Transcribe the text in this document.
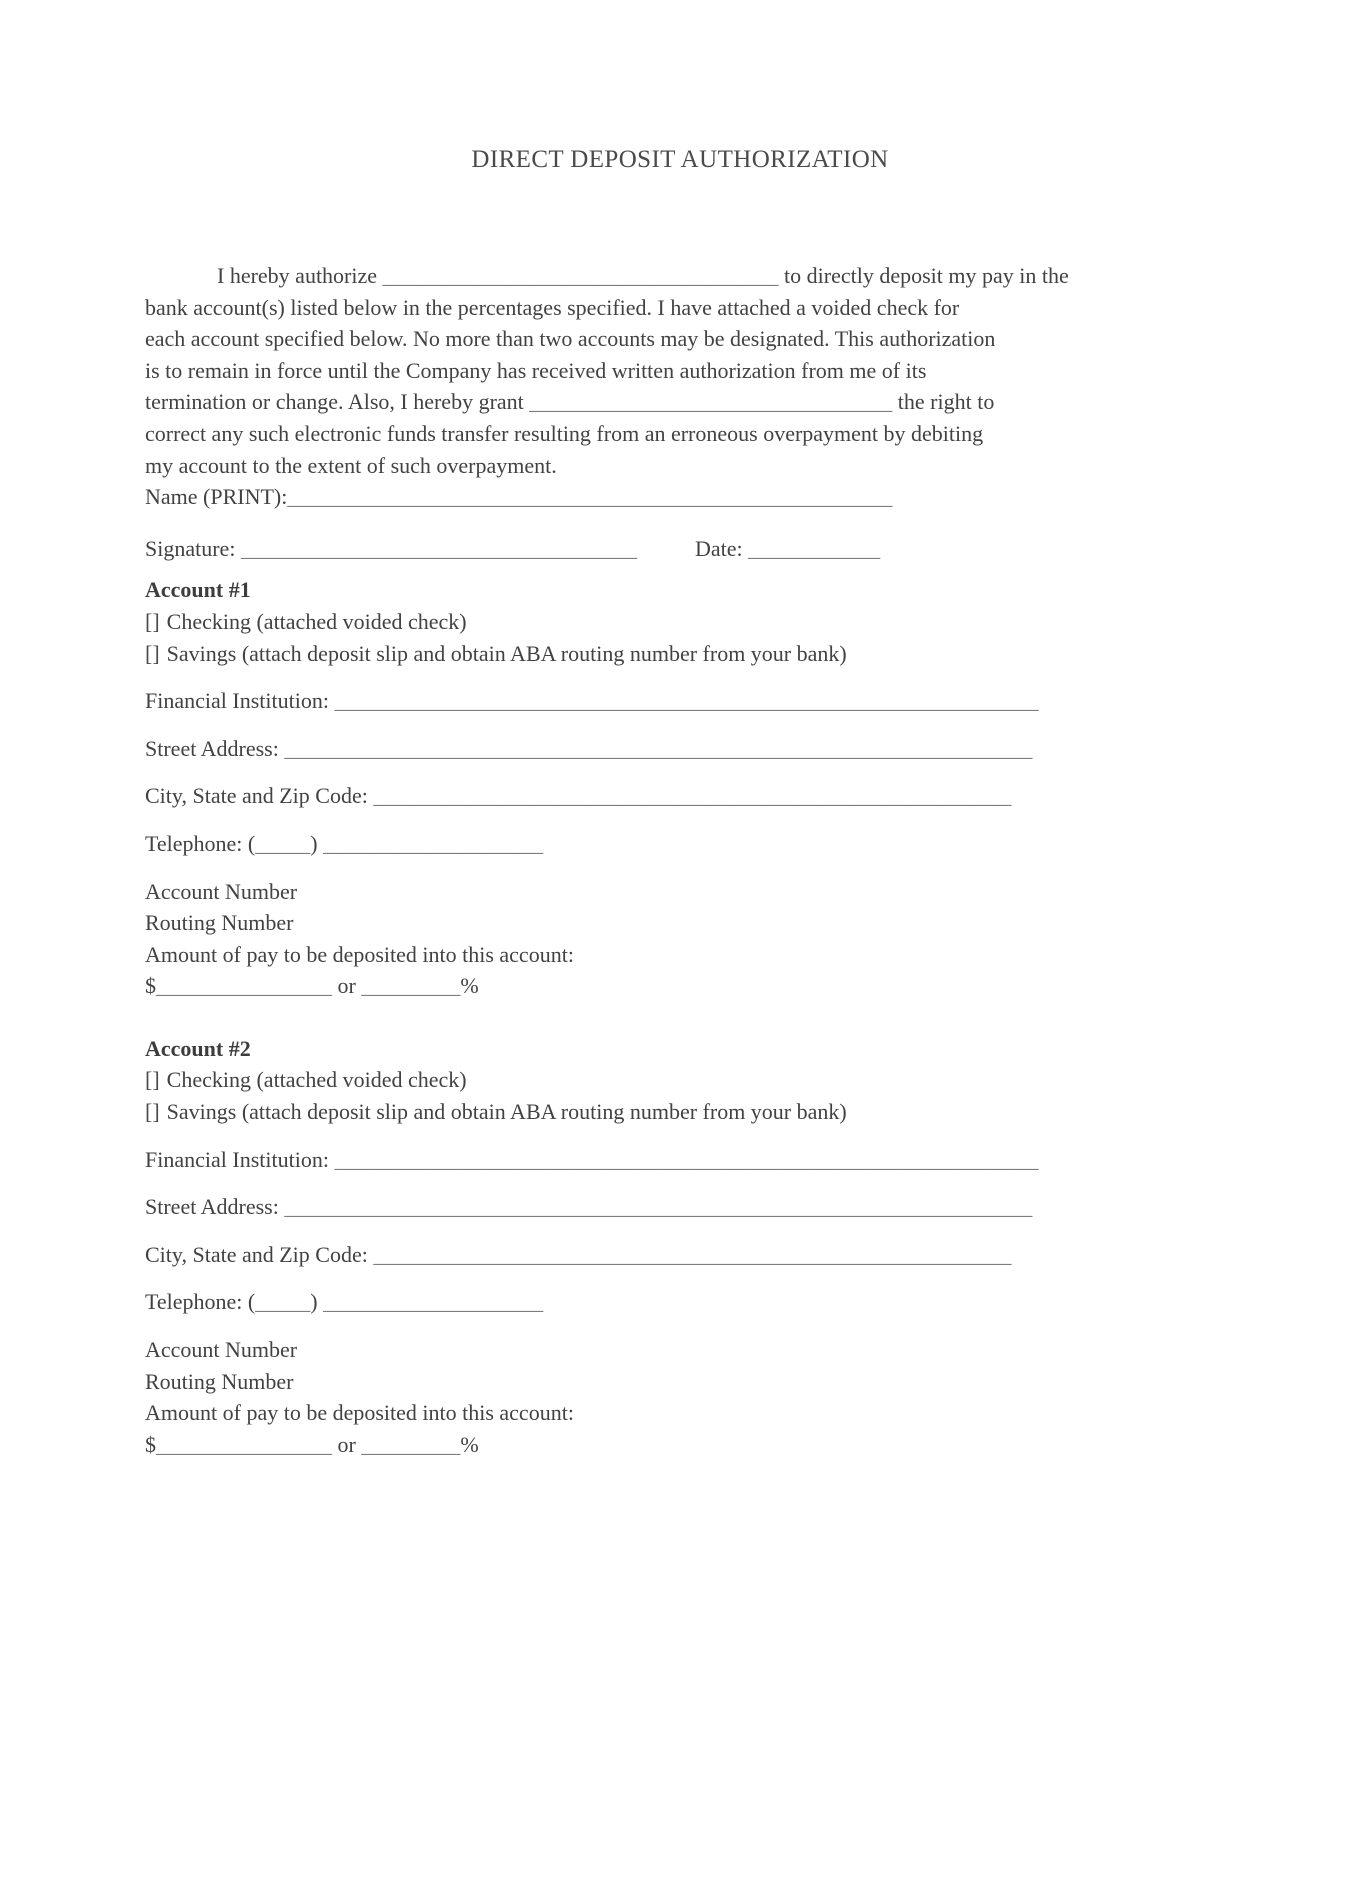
DIRECT DEPOSIT AUTHORIZATION
I hereby authorize ____________________________________ to directly deposit my pay in the
bank account(s) listed below in the percentages specified. I have attached a voided check for
each account specified below. No more than two accounts may be designated. This authorization
is to remain in force until the Company has received written authorization from me of its
termination or change. Also, I hereby grant _________________________________ the right to
correct any such electronic funds transfer resulting from an erroneous overpayment by debiting
my account to the extent of such overpayment.
Name (PRINT):_______________________________________________________
Signature: ____________________________________	Date: ____________
Account #1
[] Checking (attached voided check)
[] Savings (attach deposit slip and obtain ABA routing number from your bank)
Financial Institution: ________________________________________________________________
Street Address: ____________________________________________________________________
City, State and Zip Code: __________________________________________________________
Telephone: (_____) ____________________
Account Number
Routing Number
Amount of pay to be deposited into this account:
$________________ or _________%
Account #2
[] Checking (attached voided check)
[] Savings (attach deposit slip and obtain ABA routing number from your bank)
Financial Institution: ________________________________________________________________
Street Address: ____________________________________________________________________
City, State and Zip Code: __________________________________________________________
Telephone: (_____) ____________________
Account Number
Routing Number
Amount of pay to be deposited into this account:
$________________ or _________%
